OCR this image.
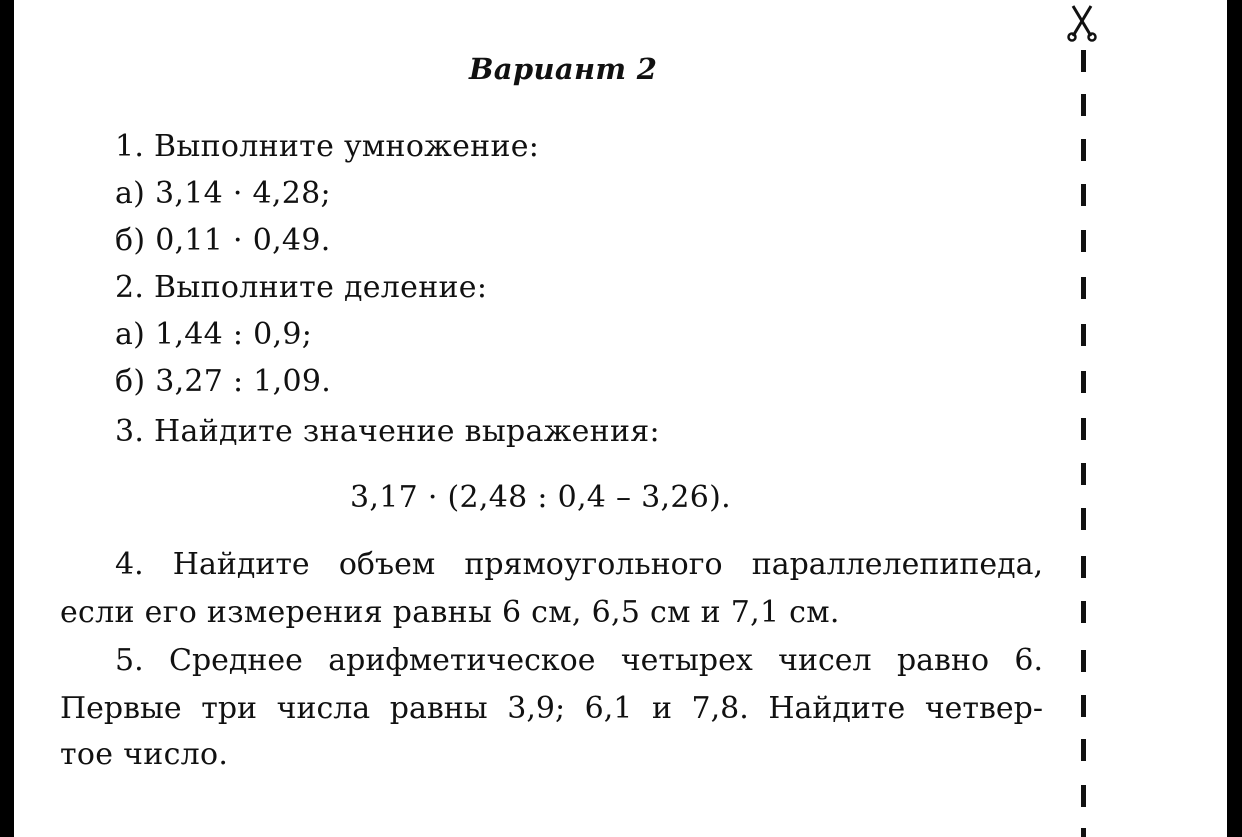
Вариант 2
1. Выполните умножение:
а) 3,14 · 4,28;
б) 0,11 · 0,49.
2. Выполните деление:
а) 1,44 : 0,9;
б) 3,27 : 1,09.
3. Найдите значение выражения:
3,17 · (2,48 : 0,4 – 3,26).
4. Найдите объем прямоугольного параллелепипеда,
если его измерения равны 6 см, 6,5 см и 7,1 см.
5. Среднее арифметическое четырех чисел равно 6.
Первые три числа равны 3,9; 6,1 и 7,8. Найдите четвер-
тое число.
